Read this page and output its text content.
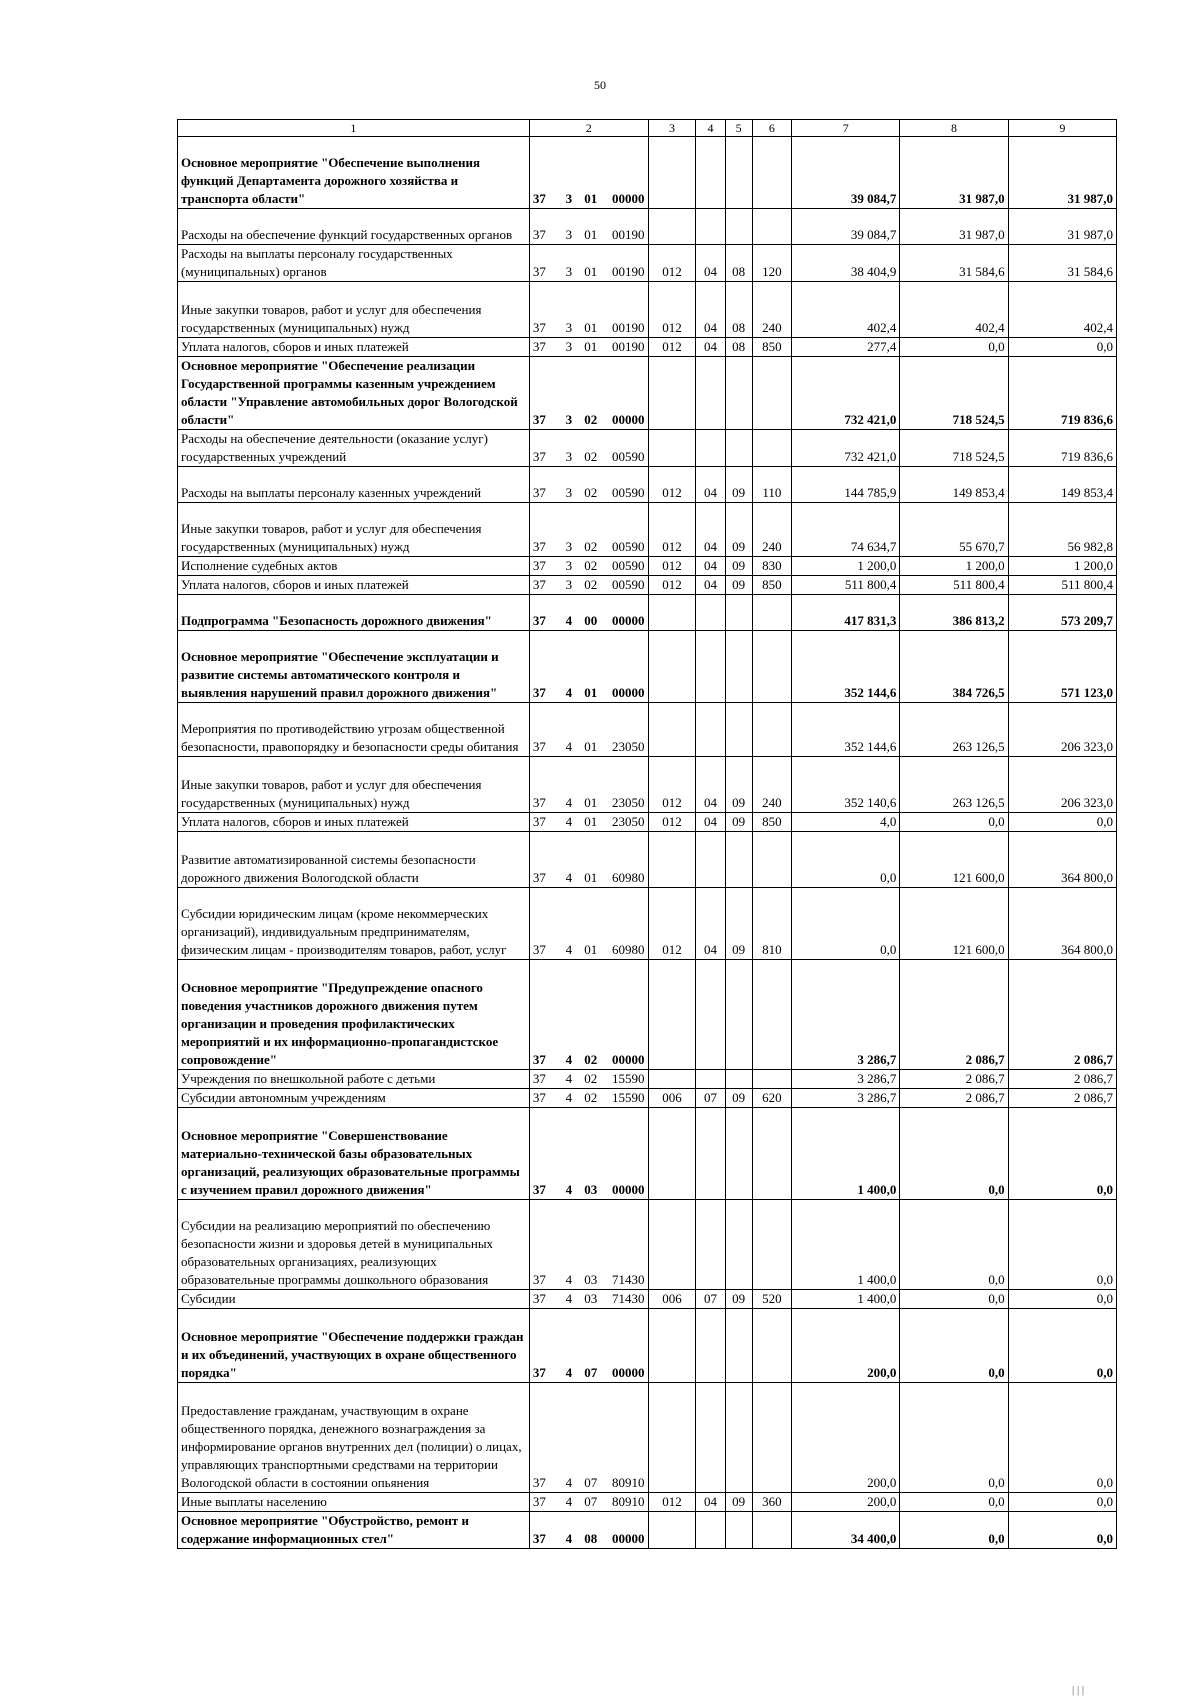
50
1	2				3	4	5	6	7	8	9
Основное мероприятие "Обеспечение выполнения функций Департамента дорожного хозяйства и транспорта области"	37	3	01	00000					39 084,7	31 987,0	31 987,0
Расходы на обеспечение функций государственных органов	37	3	01	00190					39 084,7	31 987,0	31 987,0
Расходы на выплаты персоналу государственных (муниципальных) органов	37	3	01	00190	012	04	08	120	38 404,9	31 584,6	31 584,6
Иные закупки товаров, работ и услуг для обеспечения государственных (муниципальных) нужд	37	3	01	00190	012	04	08	240	402,4	402,4	402,4
Уплата налогов, сборов и иных платежей	37	3	01	00190	012	04	08	850	277,4	0,0	0,0
Основное мероприятие "Обеспечение реализации Государственной программы казенным учреждением области "Управление автомобильных дорог Вологодской области"	37	3	02	00000					732 421,0	718 524,5	719 836,6
Расходы на обеспечение деятельности (оказание услуг) государственных учреждений	37	3	02	00590					732 421,0	718 524,5	719 836,6
Расходы на выплаты персоналу казенных учреждений	37	3	02	00590	012	04	09	110	144 785,9	149 853,4	149 853,4
Иные закупки товаров, работ и услуг для обеспечения государственных (муниципальных) нужд	37	3	02	00590	012	04	09	240	74 634,7	55 670,7	56 982,8
Исполнение судебных актов	37	3	02	00590	012	04	09	830	1 200,0	1 200,0	1 200,0
Уплата налогов, сборов и иных платежей	37	3	02	00590	012	04	09	850	511 800,4	511 800,4	511 800,4
Подпрограмма "Безопасность дорожного движения"	37	4	00	00000					417 831,3	386 813,2	573 209,7
Основное мероприятие "Обеспечение эксплуатации и развитие системы автоматического контроля и выявления нарушений правил дорожного движения"	37	4	01	00000					352 144,6	384 726,5	571 123,0
Мероприятия по противодействию угрозам общественной безопасности, правопорядку и безопасности среды обитания	37	4	01	23050					352 144,6	263 126,5	206 323,0
Иные закупки товаров, работ и услуг для обеспечения государственных (муниципальных) нужд	37	4	01	23050	012	04	09	240	352 140,6	263 126,5	206 323,0
Уплата налогов, сборов и иных платежей	37	4	01	23050	012	04	09	850	4,0	0,0	0,0
Развитие автоматизированной системы безопасности дорожного движения Вологодской области	37	4	01	60980					0,0	121 600,0	364 800,0
Субсидии юридическим лицам (кроме некоммерческих организаций), индивидуальным предпринимателям, физическим лицам - производителям товаров, работ, услуг	37	4	01	60980	012	04	09	810	0,0	121 600,0	364 800,0
Основное мероприятие "Предупреждение опасного поведения участников дорожного движения путем организации и проведения профилактических мероприятий и их информационно-пропагандистское сопровождение"	37	4	02	00000					3 286,7	2 086,7	2 086,7
Учреждения по внешкольной работе с детьми	37	4	02	15590					3 286,7	2 086,7	2 086,7
Субсидии автономным учреждениям	37	4	02	15590	006	07	09	620	3 286,7	2 086,7	2 086,7
Основное мероприятие "Совершенствование материально-технической базы образовательных организаций, реализующих образовательные программы с изучением правил дорожного движения"	37	4	03	00000					1 400,0	0,0	0,0
Субсидии на реализацию мероприятий по обеспечению безопасности жизни и здоровья детей в муниципальных образовательных организациях, реализующих образовательные программы дошкольного образования	37	4	03	71430					1 400,0	0,0	0,0
Субсидии	37	4	03	71430	006	07	09	520	1 400,0	0,0	0,0
Основное мероприятие "Обеспечение поддержки граждан и их объединений, участвующих в охране общественного порядка"	37	4	07	00000					200,0	0,0	0,0
Предоставление гражданам, участвующим в охране общественного порядка, денежного вознаграждения за информирование органов внутренних дел (полиции) о лицах, управляющих транспортными средствами на территории Вологодской области в состоянии опьянения	37	4	07	80910					200,0	0,0	0,0
Иные выплаты населению	37	4	07	80910	012	04	09	360	200,0	0,0	0,0
Основное мероприятие "Обустройство, ремонт и содержание информационных стел"	37	4	08	00000					34 400,0	0,0	0,0
| | |
